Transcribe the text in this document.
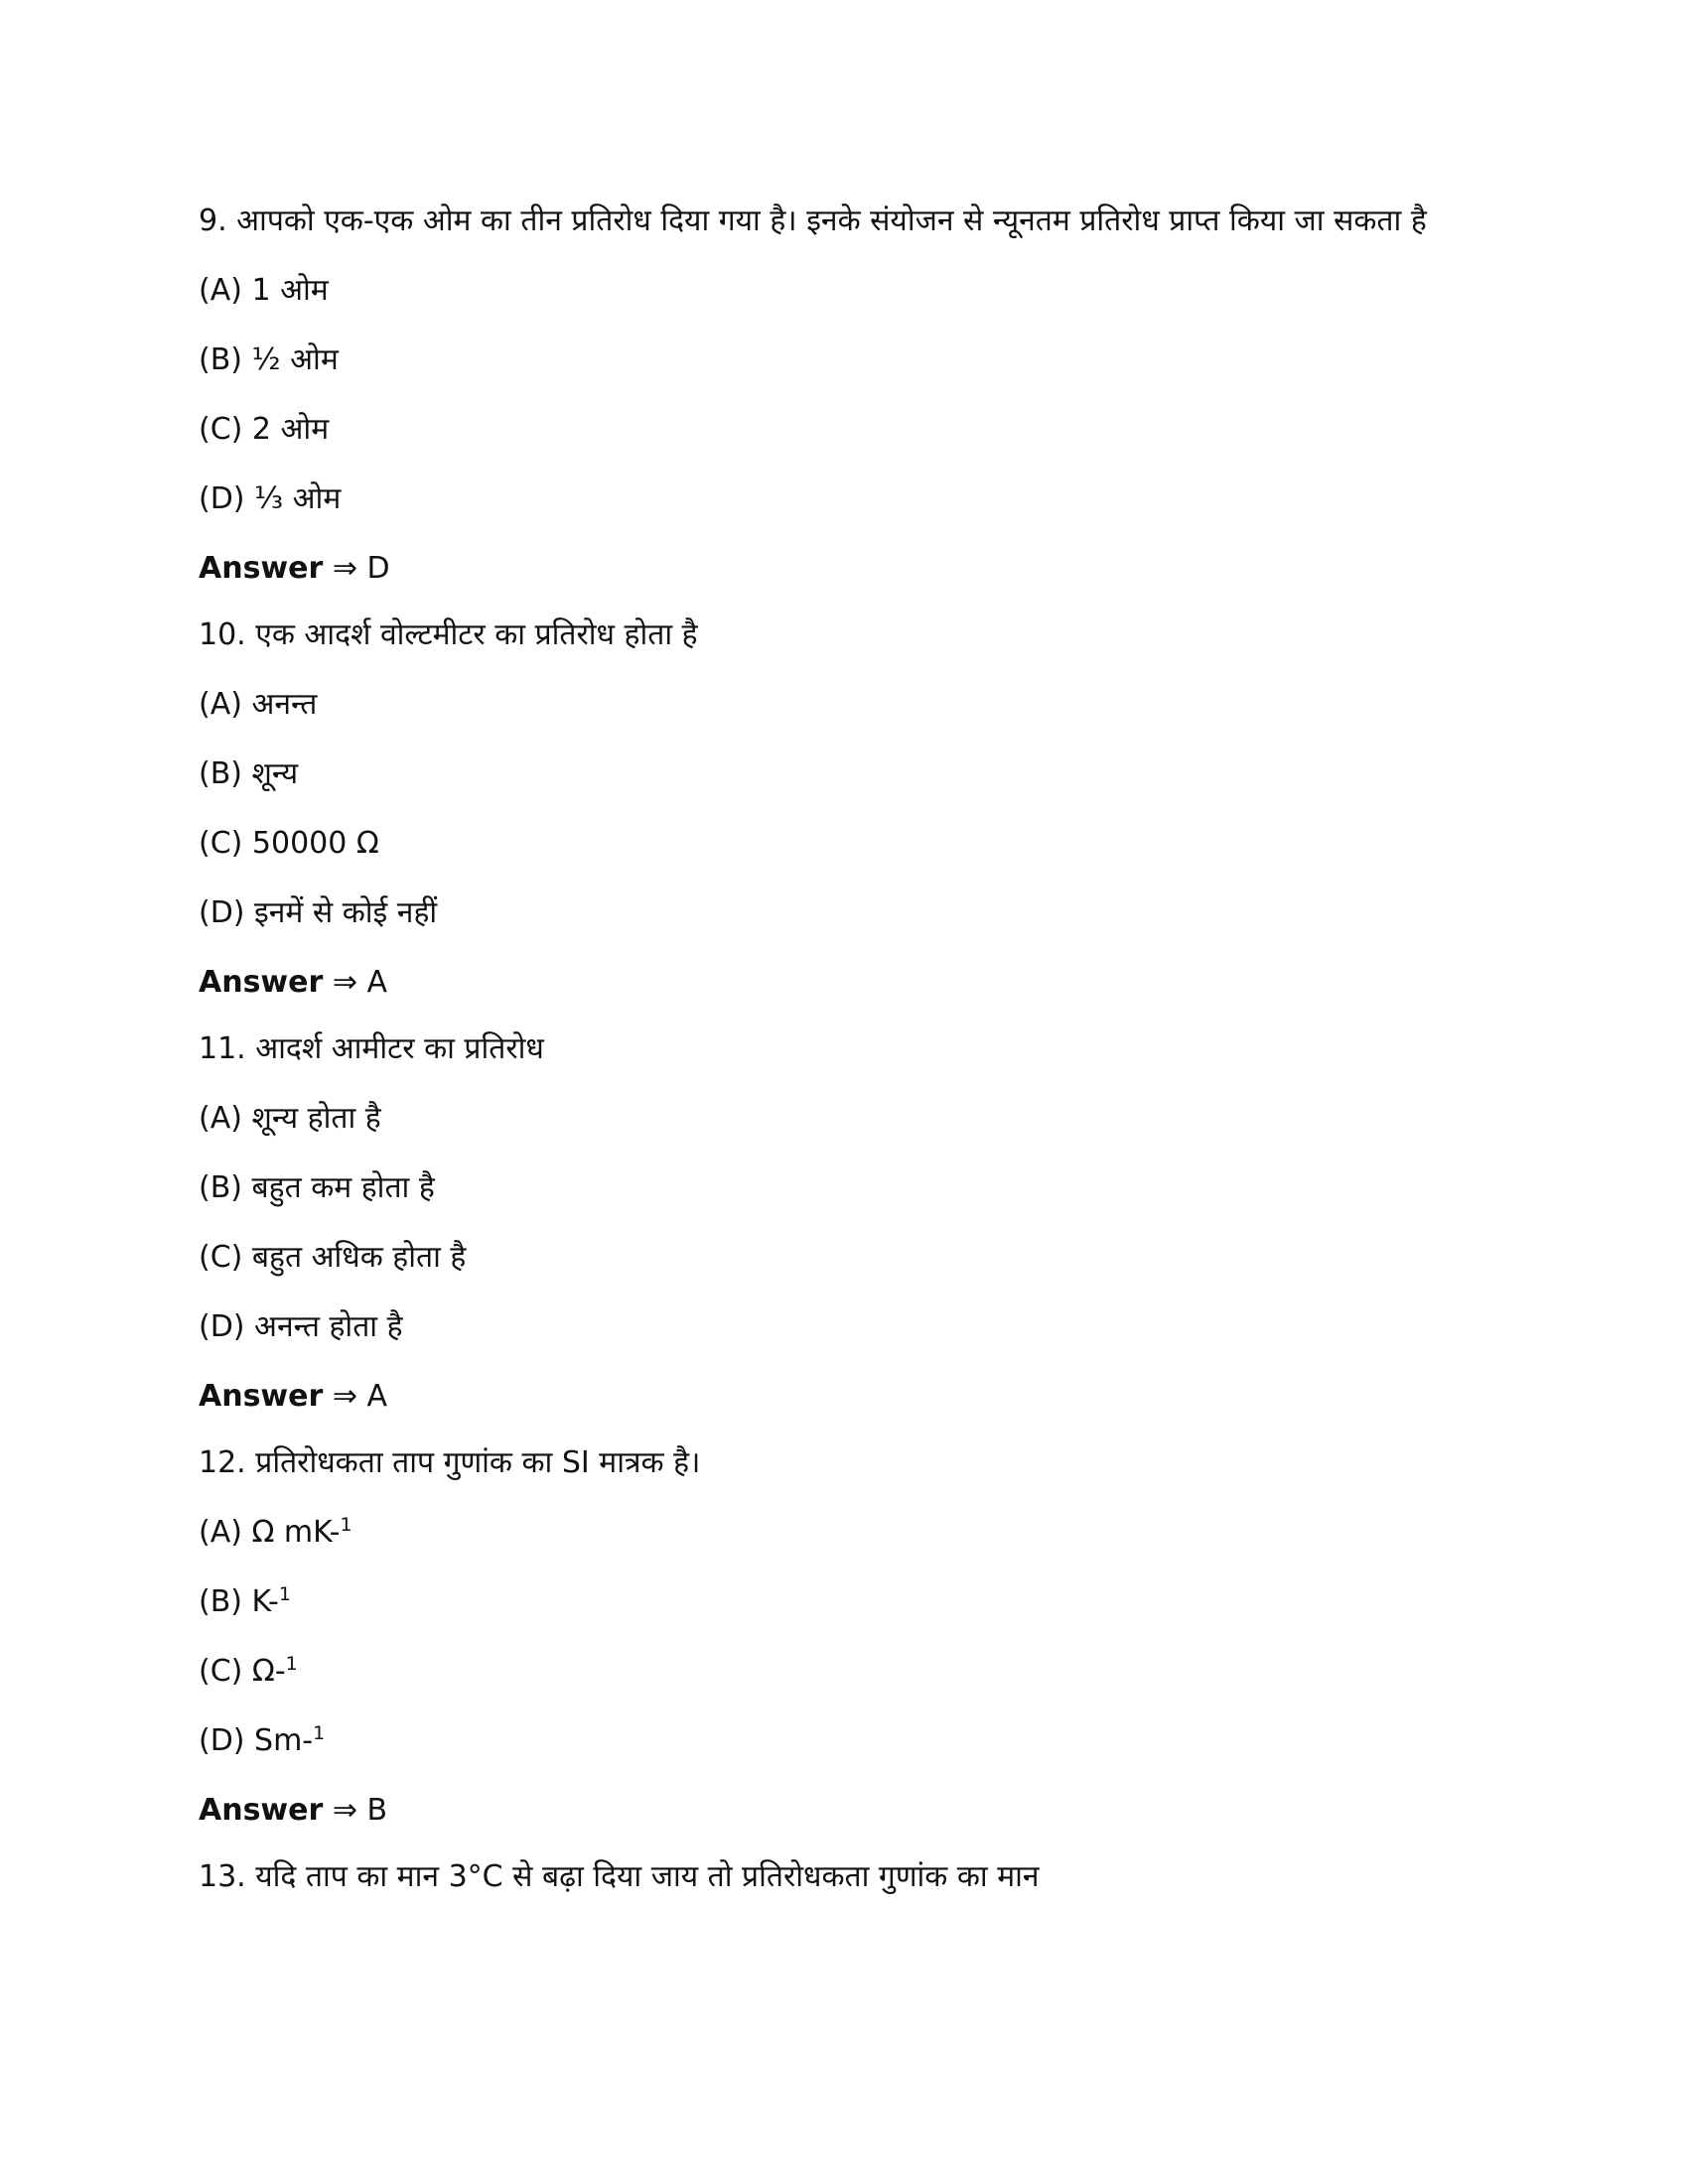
9. आपको एक-एक ओम का तीन प्रतिरोध दिया गया है। इनके संयोजन से न्यूनतम प्रतिरोध प्राप्त किया जा सकता है

(A) 1 ओम

(B) ½ ओम

(C) 2 ओम

(D) ⅓ ओम

Answer ⇒ D

10. एक आदर्श वोल्टमीटर का प्रतिरोध होता है

(A) अनन्त

(B) शून्य

(C) 50000 Ω

(D) इनमें से कोई नहीं

Answer ⇒ A

11. आदर्श आमीटर का प्रतिरोध

(A) शून्य होता है

(B) बहुत कम होता है

(C) बहुत अधिक होता है

(D) अनन्त होता है

Answer ⇒ A

12. प्रतिरोधकता ताप गुणांक का SI मात्रक है।

(A) Ω mK-$^1$

(B) K-$^1$

(C) Ω-$^1$

(D) Sm-$^1$

Answer ⇒ B

13. यदि ताप का मान 3°C से बढ़ा दिया जाय तो प्रतिरोधकता गुणांक का मान
